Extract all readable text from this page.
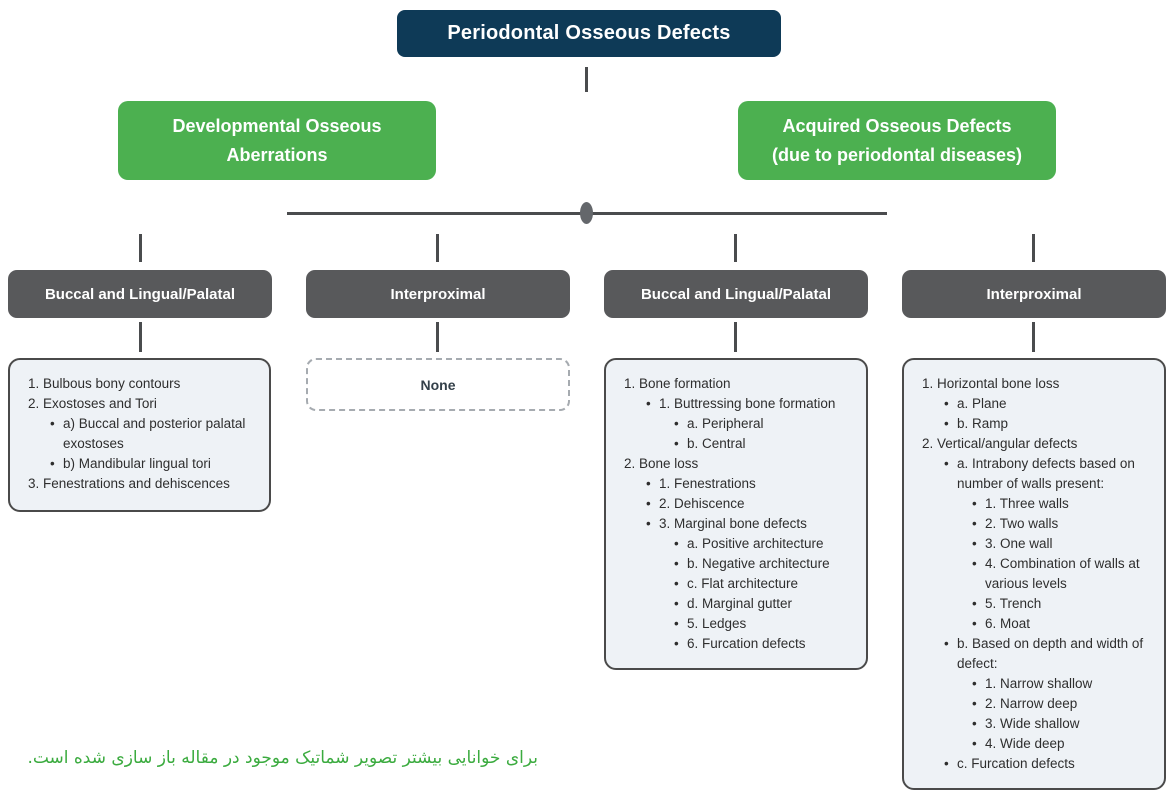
Periodontal Osseous Defects
Developmental Osseous
Aberrations
Acquired Osseous Defects
(due to periodontal diseases)
Buccal and Lingual/Palatal	Interproximal	Buccal and Lingual/Palatal	Interproximal
1. Bulbous bony contours
2. Exostoses and Tori
• a) Buccal and posterior palatal exostoses
• b) Mandibular lingual tori
3. Fenestrations and dehiscences
None	1. Bone formation
• 1. Buttressing bone formation
• a. Peripheral
• b. Central
2. Bone loss
• 1. Fenestrations
• 2. Dehiscence
• 3. Marginal bone defects
• a. Positive architecture
• b. Negative architecture
• c. Flat architecture
• d. Marginal gutter
• 5. Ledges
• 6. Furcation defects
1. Horizontal bone loss
• a. Plane
• b. Ramp
2. Vertical/angular defects
• a. Intrabony defects based on number of walls present:
• 1. Three walls
• 2. Two walls
• 3. One wall
• 4. Combination of walls at various levels
• 5. Trench
• 6. Moat
• b. Based on depth and width of defect:
• 1. Narrow shallow
• 2. Narrow deep
• 3. Wide shallow
• 4. Wide deep
• c. Furcation defects
برای خوانایی بیشتر تصویر شماتیک موجود در مقاله باز سازی شده است.
